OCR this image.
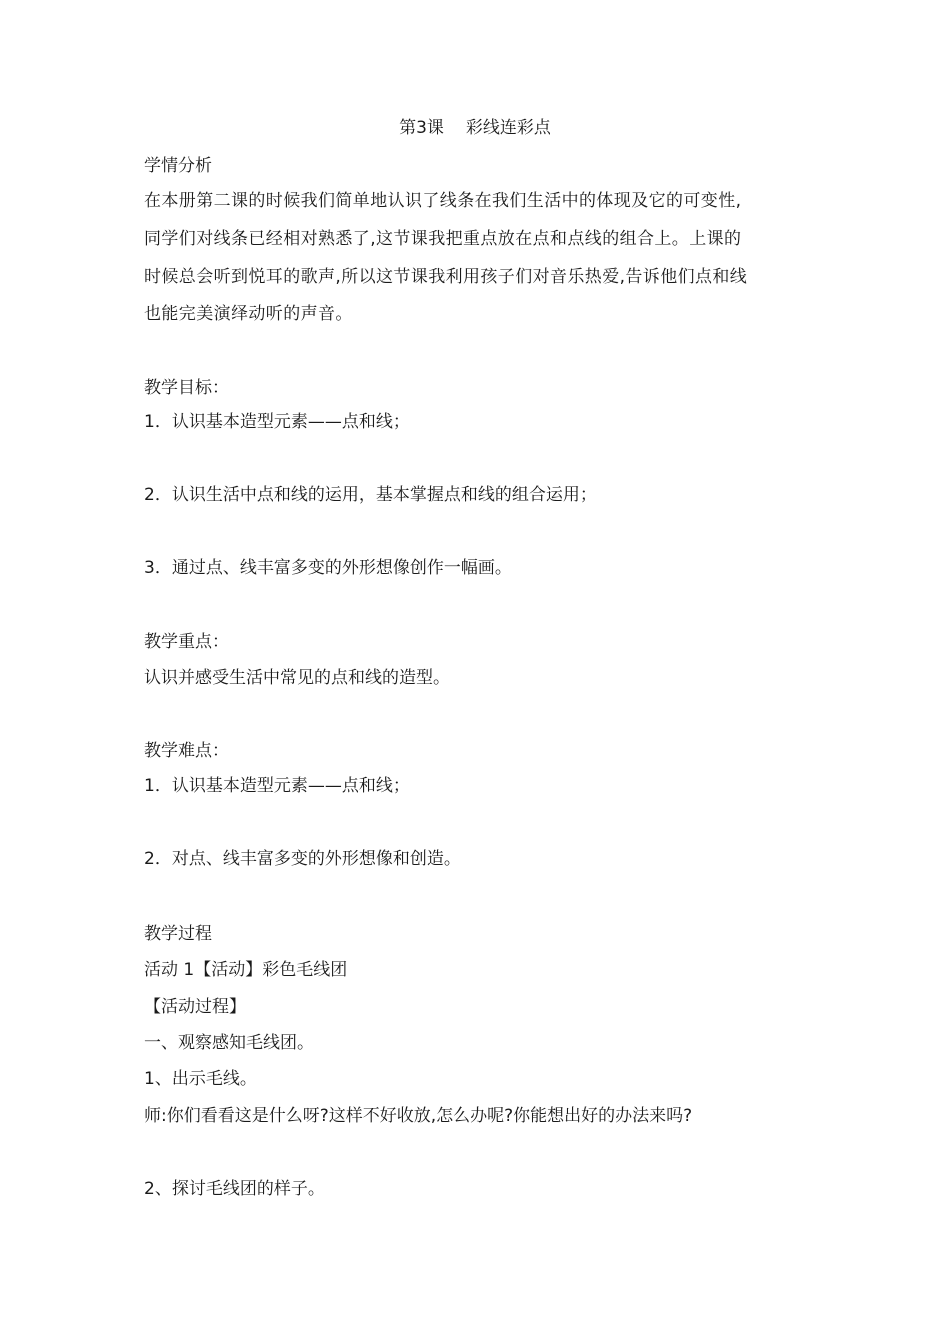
第3课 彩线连彩点
学情分析
在本册第二课的时候我们简单地认识了线条在我们生活中的体现及它的可变性,
同学们对线条已经相对熟悉了,这节课我把重点放在点和点线的组合上。上课的
时候总会听到悦耳的歌声,所以这节课我利用孩子们对音乐热爱,告诉他们点和线
也能完美演绎动听的声音。
教学目标：
1．认识基本造型元素——点和线；
2．认识生活中点和线的运用，基本掌握点和线的组合运用；
3．通过点、线丰富多变的外形想像创作一幅画。
教学重点：
认识并感受生活中常见的点和线的造型。
教学难点：
1．认识基本造型元素——点和线；
2．对点、线丰富多变的外形想像和创造。
教学过程
活动 1【活动】彩色毛线团
【活动过程】
一、观察感知毛线团。
1、出示毛线。
师:你们看看这是什么呀?这样不好收放,怎么办呢?你能想出好的办法来吗?
2、探讨毛线团的样子。
